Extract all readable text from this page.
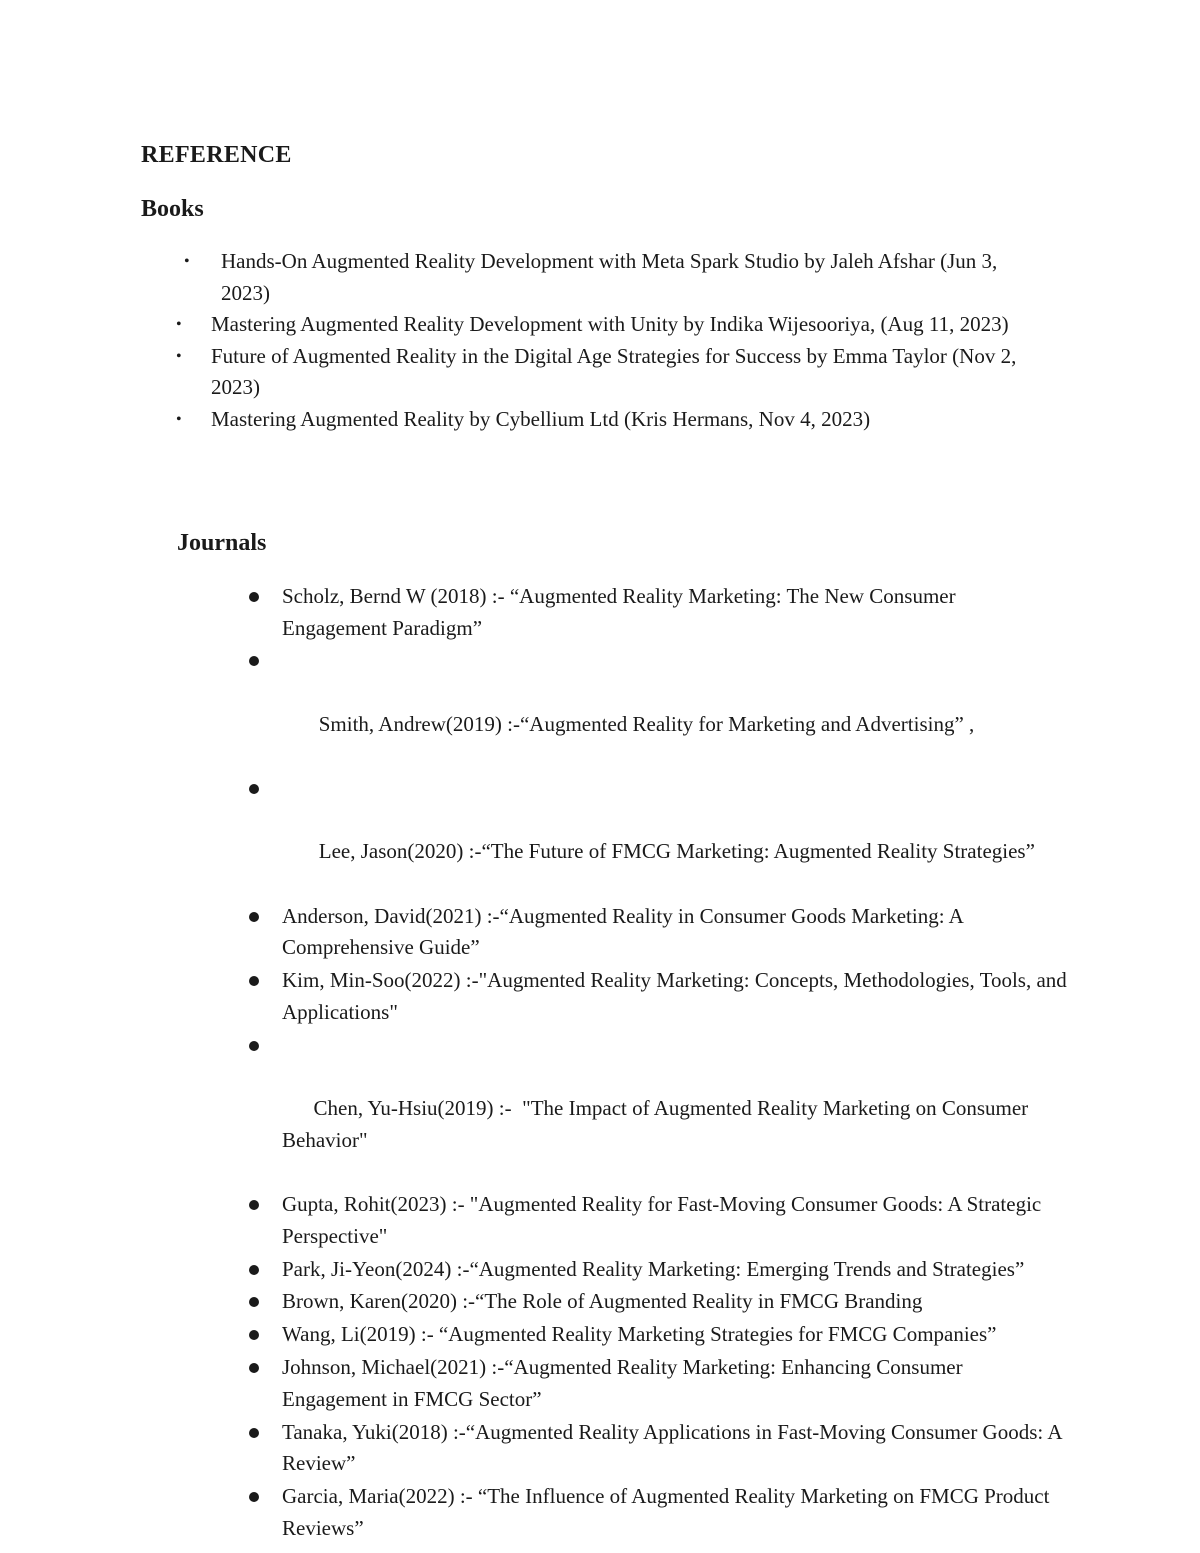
REFERENCE
Books
• Hands-On Augmented Reality Development with Meta Spark Studio by Jaleh Afshar (Jun 3, 2023)
• Mastering Augmented Reality Development with Unity by Indika Wijesooriya, (Aug 11, 2023)
• Future of Augmented Reality in the Digital Age Strategies for Success by Emma Taylor (Nov 2, 2023)
• Mastering Augmented Reality by Cybellium Ltd (Kris Hermans, Nov 4, 2023)
Journals
Scholz, Bernd W (2018) :- “Augmented Reality Marketing: The New Consumer Engagement Paradigm”

Smith, Andrew(2019) :-“Augmented Reality for Marketing and Advertising” ,

Lee, Jason(2020) :-“The Future of FMCG Marketing: Augmented Reality Strategies”

Anderson, David(2021) :-“Augmented Reality in Consumer Goods Marketing: A Comprehensive Guide”
Kim, Min-Soo(2022) :-"Augmented Reality Marketing: Concepts, Methodologies, Tools, and Applications"

Chen, Yu-Hsiu(2019) :-  "The Impact of Augmented Reality Marketing on Consumer Behavior"

Gupta, Rohit(2023) :- "Augmented Reality for Fast-Moving Consumer Goods: A Strategic Perspective"
Park, Ji-Yeon(2024) :-“Augmented Reality Marketing: Emerging Trends and Strategies”
Brown, Karen(2020) :-“The Role of Augmented Reality in FMCG Branding
Wang, Li(2019) :- “Augmented Reality Marketing Strategies for FMCG Companies”
Johnson, Michael(2021) :-“Augmented Reality Marketing: Enhancing Consumer Engagement in FMCG Sector”
Tanaka, Yuki(2018) :-“Augmented Reality Applications in Fast-Moving Consumer Goods: A Review”
Garcia, Maria(2022) :- “The Influence of Augmented Reality Marketing on FMCG Product Reviews”
